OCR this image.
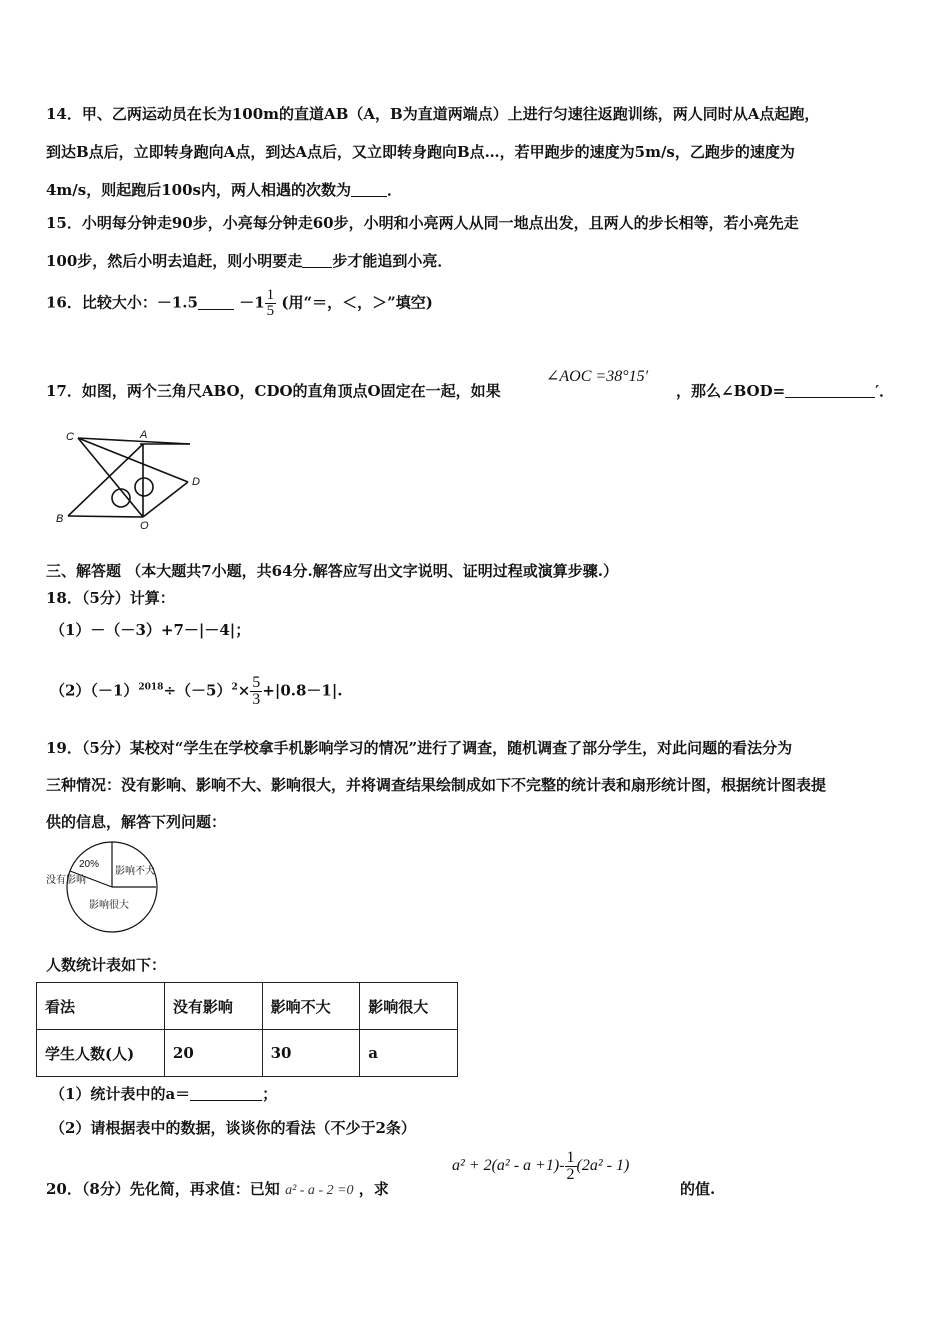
14．甲、乙两运动员在长为100m的直道AB（A，B为直道两端点）上进行匀速往返跑训练，两人同时从A点起跑，
到达B点后，立即转身跑向A点，到达A点后，又立即转身跑向B点…，若甲跑步的速度为5m/s，乙跑步的速度为
4m/s，则起跑后100s内，两人相遇的次数为 ．
15．小明每分钟走90步，小亮每分钟走60步，小明和小亮两人从同一地点出发，且两人的步长相等，若小亮先走
100步，然后小明去追赶，则小明要走 步才能追到小亮．
16．比较大小：－1.5	$-1 \frac{1}{5}$ (用“＝，＜，＞”填空)
17．如图，两个三角尺ABO，CDO的直角顶点O固定在一起，如果
∠AOC =38°15′
，那么∠BOD=	′．
C	A
D
B
O
三、解答题 （本大题共7小题，共64分.解答应写出文字说明、证明过程或演算步骤.）
18．（5分）计算：
（1）－（－3）+7－|－4|；
$(2)(-1)^{2018}\div(-5)^2\times \frac{5}{3} +|0.8-1|$.
19．（5分）某校对“学生在学校拿手机影响学习的情况”进行了调查，随机调查了部分学生，对此问题的看法分为
三种情况：没有影响、影响不大、影响很大，并将调查结果绘制成如下不完整的统计表和扇形统计图，根据统计图表提
供的信息，解答下列问题：
20%
没有影响
影响不大
影响很大
人数统计表如下：
看法	没有影响	影响不大	影响很大
学生人数(人)	20	30	a
（1）统计表中的a＝	；
（2）请根据表中的数据，谈谈你的看法（不少于2条）
20．（8分）先化简，再求值：已知 a² - a - 2 =0 ，求
$a^2 + 2(a^2 - a +1)- \frac{1}{2} (2a^2 - 1)$
的值.
